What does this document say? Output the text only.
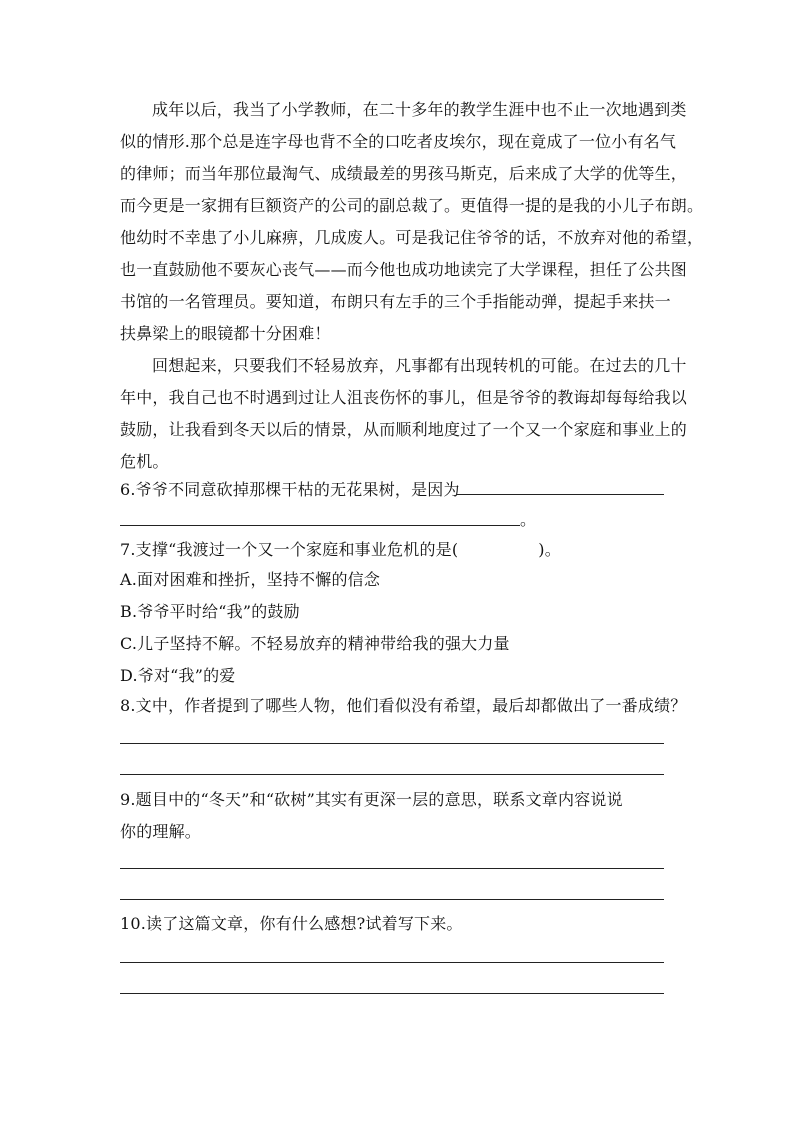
成年以后，我当了小学教师，在二十多年的教学生涯中也不止一次地遇到类
似的情形.那个总是连字母也背不全的口吃者皮埃尔，现在竟成了一位小有名气
的律师；而当年那位最淘气、成绩最差的男孩马斯克，后来成了大学的优等生，
而今更是一家拥有巨额资产的公司的副总裁了。更值得一提的是我的小儿子布朗。
他幼时不幸患了小儿麻痹，几成废人。可是我记住爷爷的话，不放弃对他的希望，
也一直鼓励他不要灰心丧气——而今他也成功地读完了大学课程，担任了公共图
书馆的一名管理员。要知道，布朗只有左手的三个手指能动弹，提起手来扶一
扶鼻梁上的眼镜都十分困难！
回想起来，只要我们不轻易放弃，凡事都有出现转机的可能。在过去的几十
年中，我自己也不时遇到过让人沮丧伤怀的事儿，但是爷爷的教诲却每每给我以
鼓励，让我看到冬天以后的情景，从而顺利地度过了一个又一个家庭和事业上的
危机。
6.爷爷不同意砍掉那棵干枯的无花果树，是因为
。
7.支撑“我渡过一个又一个家庭和事业危机的是(	)。
A.面对困难和挫折，坚持不懈的信念
B.爷爷平时给“我”的鼓励
C.儿子坚持不解。不轻易放弃的精神带给我的强大力量
D.爷对“我”的爱
8.文中，作者提到了哪些人物，他们看似没有希望，最后却都做出了一番成绩？
9.题目中的“冬天”和“砍树”其实有更深一层的意思，联系文章内容说说
你的理解。
10.读了这篇文章，你有什么感想?试着写下来。
